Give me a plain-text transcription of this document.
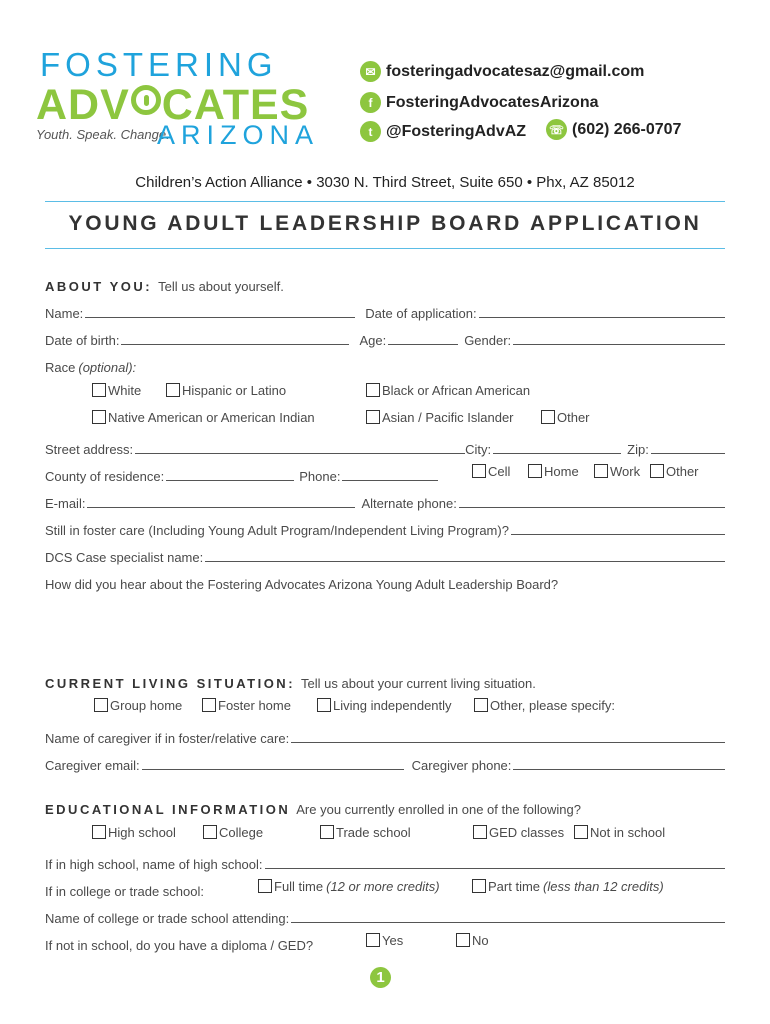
FOSTERING
ADV CATES
Youth. Speak. Change.
ARIZONA
✉ fosteringadvocatesaz@gmail.com
f FosteringAdvocatesArizona
t @FosteringAdvAZ ☏ (602) 266-0707
Children’s Action Alliance • 3030 N. Third Street, Suite 650 • Phx, AZ 85012
YOUNG ADULT LEADERSHIP BOARD APPLICATION
ABOUT YOU: Tell us about yourself.
Name:	Date of application:
Date of birth:	Age:	Gender:
Race (optional):
White	Hispanic or Latino	Black or African American
Native American or American Indian	Asian / Pacific Islander	Other
Street address:	City:	Zip:
County of residence:	Phone:	Cell	Home Work Other
E-mail:	Alternate phone:
Still in foster care (Including Young Adult Program/Independent Living Program)?
DCS Case specialist name:
How did you hear about the Fostering Advocates Arizona Young Adult Leadership Board?
CURRENT LIVING SITUATION: Tell us about your current living situation.
Group home	Foster home	Living independently	Other, please specify:
Name of caregiver if in foster/relative care:
Caregiver email:	Caregiver phone:
EDUCATIONAL INFORMATION Are you currently enrolled in one of the following?
High school	College	Trade school	GED classes Not in school
If in high school, name of high school:
If in college or trade school:	Full time (12 or more credits)	Part time (less than 12 credits)
Name of college or trade school attending:
If not in school, do you have a diploma / GED?	Yes	No
1
